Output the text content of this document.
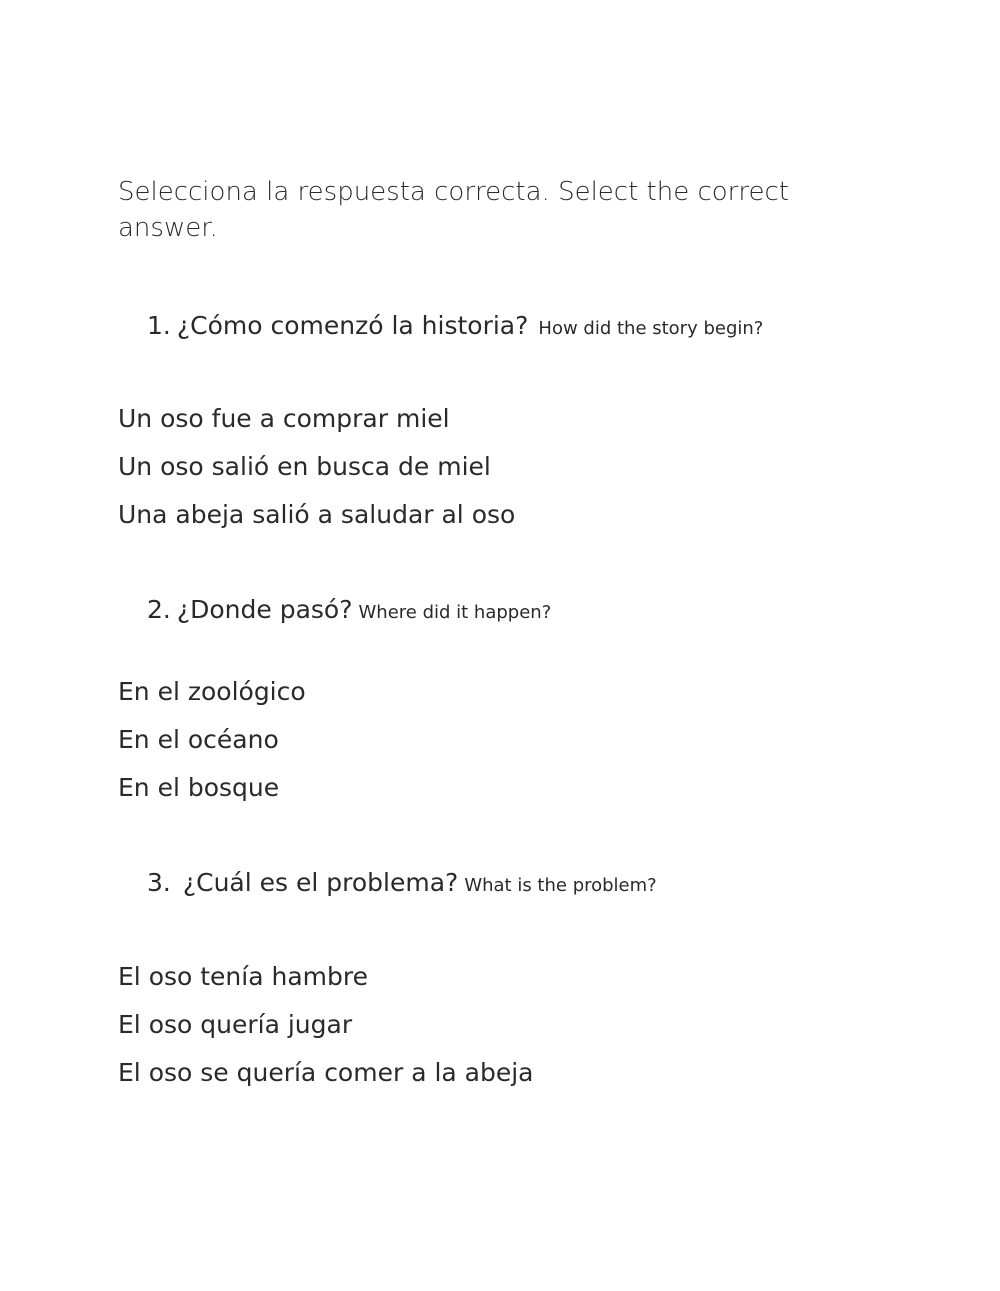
Selecciona la respuesta correcta. Select the correct answer.
1. ¿Cómo comenzó la historia? How did the story begin?
Un oso fue a comprar miel
Un oso salió en busca de miel
Una abeja salió a saludar al oso
2. ¿Donde pasó? Where did it happen?
En el zoológico
En el océano
En el bosque
3. ¿Cuál es el problema? What is the problem?
El oso tenía hambre
El oso quería jugar
El oso se quería comer a la abeja
